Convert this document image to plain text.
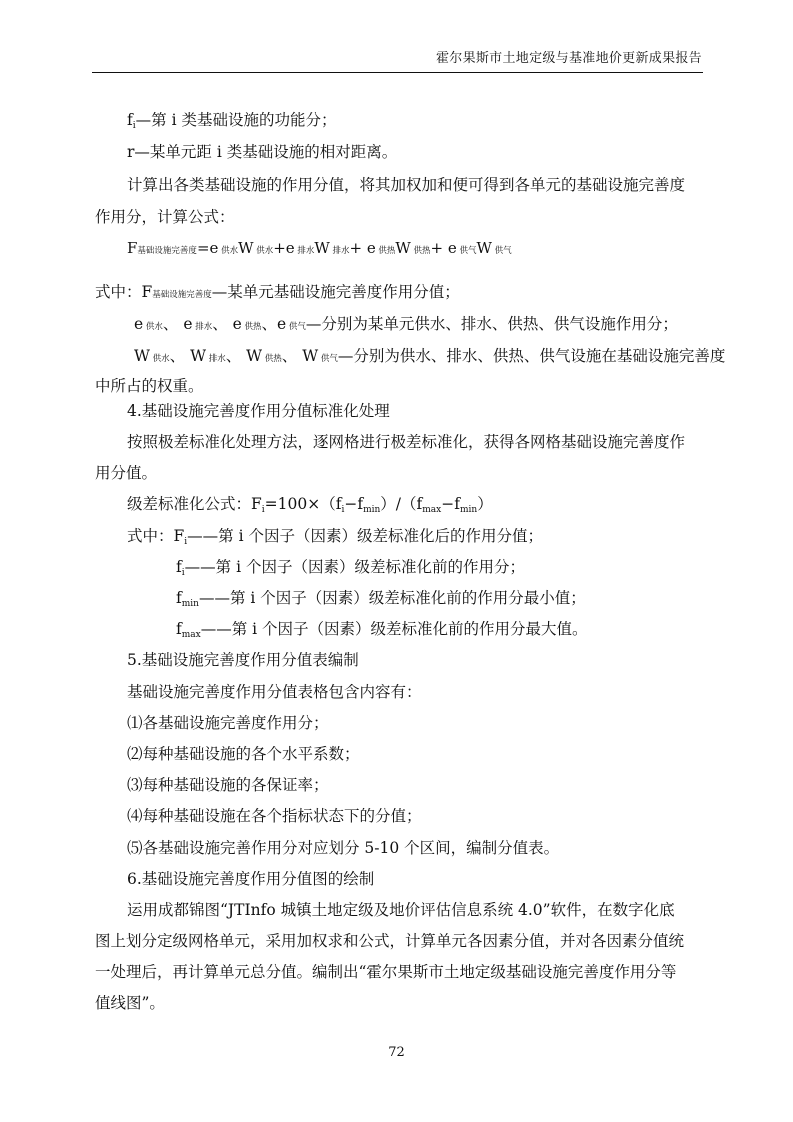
霍尔果斯市土地定级与基准地价更新成果报告
$f_i—$第 i 类基础设施的功能分；
r—某单元距 i 类基础设施的相对距离。
计算出各类基础设施的作用分值，将其加权加和便可得到各单元的基础设施完善度
作用分，计算公式：
F基础设施完善度=e 供水W 供水+e 排水W 排水+ e 供热W 供热+ e 供气W 供气
式中：F基础设施完善度—某单元基础设施完善度作用分值；
e 供水、 e 排水、 e 供热、e 供气—分别为某单元供水、排水、供热、供气设施作用分；
W 供水、 W 排水、 W 供热、 W 供气—分别为供水、排水、供热、供气设施在基础设施完善度
中所占的权重。
4.基础设施完善度作用分值标准化处理
按照极差标准化处理方法，逐网格进行极差标准化，获得各网格基础设施完善度作
用分值。
级差标准化公式：$F_i=100\times(f_i-f_{min})/(f_{max}-f_{min})$
式中：$F_i——$第 i 个因子（因素）级差标准化后的作用分值；
$f_i——$第 i 个因子（因素）级差标准化前的作用分；
$f_{min}——$第 i 个因子（因素）级差标准化前的作用分最小值；
$f_{max}——$第 i 个因子（因素）级差标准化前的作用分最大值。
5.基础设施完善度作用分值表编制
基础设施完善度作用分值表格包含内容有：
⑴各基础设施完善度作用分；
⑵每种基础设施的各个水平系数；
⑶每种基础设施的各保证率；
⑷每种基础设施在各个指标状态下的分值；
⑸各基础设施完善作用分对应划分 5-10 个区间，编制分值表。
6.基础设施完善度作用分值图的绘制
运用成都锦图“JTInfo 城镇土地定级及地价评估信息系统 4.0”软件，在数字化底
图上划分定级网格单元，采用加权求和公式，计算单元各因素分值，并对各因素分值统
一处理后，再计算单元总分值。编制出“霍尔果斯市土地定级基础设施完善度作用分等
值线图”。
72
